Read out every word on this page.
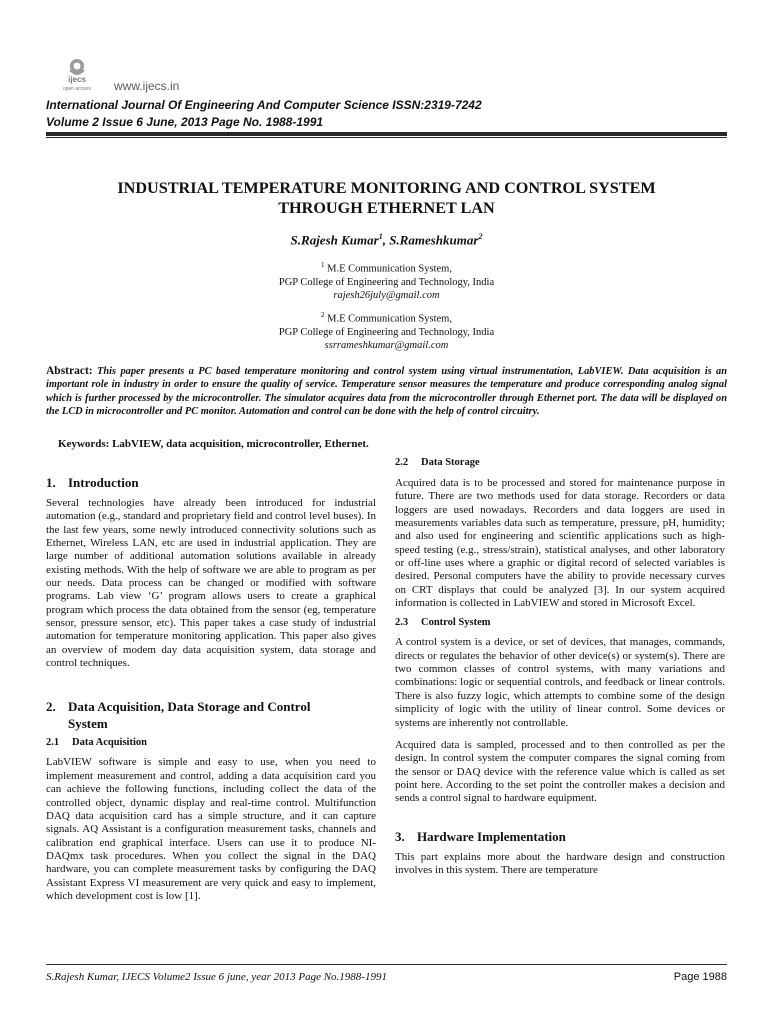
ijecs
open access www.ijecs.in
International Journal Of Engineering And Computer Science ISSN:2319-7242
Volume 2 Issue 6 June, 2013 Page No. 1988-1991
INDUSTRIAL TEMPERATURE MONITORING AND CONTROL SYSTEM
THROUGH ETHERNET LAN
S.Rajesh Kumar$^1$, S.Rameshkumar$^2$
$^1$ M.E Communication System,
PGP College of Engineering and Technology, India
rajesh26july@gmail.com
$^2$ M.E Communication System,
PGP College of Engineering and Technology, India
ssrrameshkumar@gmail.com
Abstract: This paper presents a PC based temperature monitoring and control system using virtual instrumentation, LabVIEW. Data acquisition is an important role in industry in order to ensure the quality of service. Temperature sensor measures the temperature and produce corresponding analog signal which is further processed by the microcontroller. The simulator acquires data from the microcontroller through Ethernet port. The data will be displayed on the LCD in microcontroller and PC monitor. Automation and control can be done with the help of control circuitry.
Keywords: LabVIEW, data acquisition, microcontroller, Ethernet.
1. Introduction

Several technologies have already been introduced for industrial automation (e.g., standard and proprietary field and control level buses). In the last few years, some newly introduced connectivity solutions such as Ethernet, Wireless LAN, etc are used in industrial application. They are large number of additional automation solutions available in already existing methods. With the help of software we are able to program as per our needs. Data process can be changed or modified with software programs. Lab view ‘G’ program allows users to create a graphical program which process the data obtained from the sensor (eg, temperature sensor, pressure sensor, etc). This paper takes a case study of industrial automation for temperature monitoring application. This paper also gives an overview of modem day data acquisition system, data storage and control techniques.

2. Data Acquisition, Data Storage and Control
System
2.1 Data Acquisition

LabVIEW software is simple and easy to use, when you need to implement measurement and control, adding a data acquisition card you can achieve the following functions, including collect the data of the controlled object, dynamic display and real-time control. Multifunction DAQ data acquisition card has a simple structure, and it can capture signals. AQ Assistant is a configuration measurement tasks, channels and calibration end graphical interface. Users can use it to produce NI-DAQmx task procedures. When you collect the signal in the DAQ hardware, you can complete measurement tasks by configuring the DAQ Assistant Express VI measurement are very quick and easy to implement, which development cost is low [1].

2.2 Data Storage

Acquired data is to be processed and stored for maintenance purpose in future. There are two methods used for data storage. Recorders or data loggers are used nowadays. Recorders and data loggers are used in measurements variables data such as temperature, pressure, pH, humidity; and also used for engineering and scientific applications such as high-speed testing (e.g., stress/strain), statistical analyses, and other laboratory or off-line uses where a graphic or digital record of selected variables is desired. Personal computers have the ability to provide necessary curves on CRT displays that could be analyzed [3]. In our system acquired information is collected in LabVIEW and stored in Microsoft Excel.

2.3 Control System

A control system is a device, or set of devices, that manages, commands, directs or regulates the behavior of other device(s) or system(s). There are two common classes of control systems, with many variations and combinations: logic or sequential controls, and feedback or linear controls. There is also fuzzy logic, which attempts to combine some of the design simplicity of logic with the utility of linear control. Some devices or systems are inherently not controllable.

Acquired data is sampled, processed and to then controlled as per the design. In control system the computer compares the signal coming from the sensor or DAQ device with the reference value which is called as set point here. According to the set point the controller makes a decision and sends a control signal to hardware equipment.

3. Hardware Implementation

This part explains more about the hardware design and construction involves in this system. There are temperature

S.Rajesh Kumar, IJECS Volume2 Issue 6 june, year 2013 Page No.1988-1991	Page 1988
